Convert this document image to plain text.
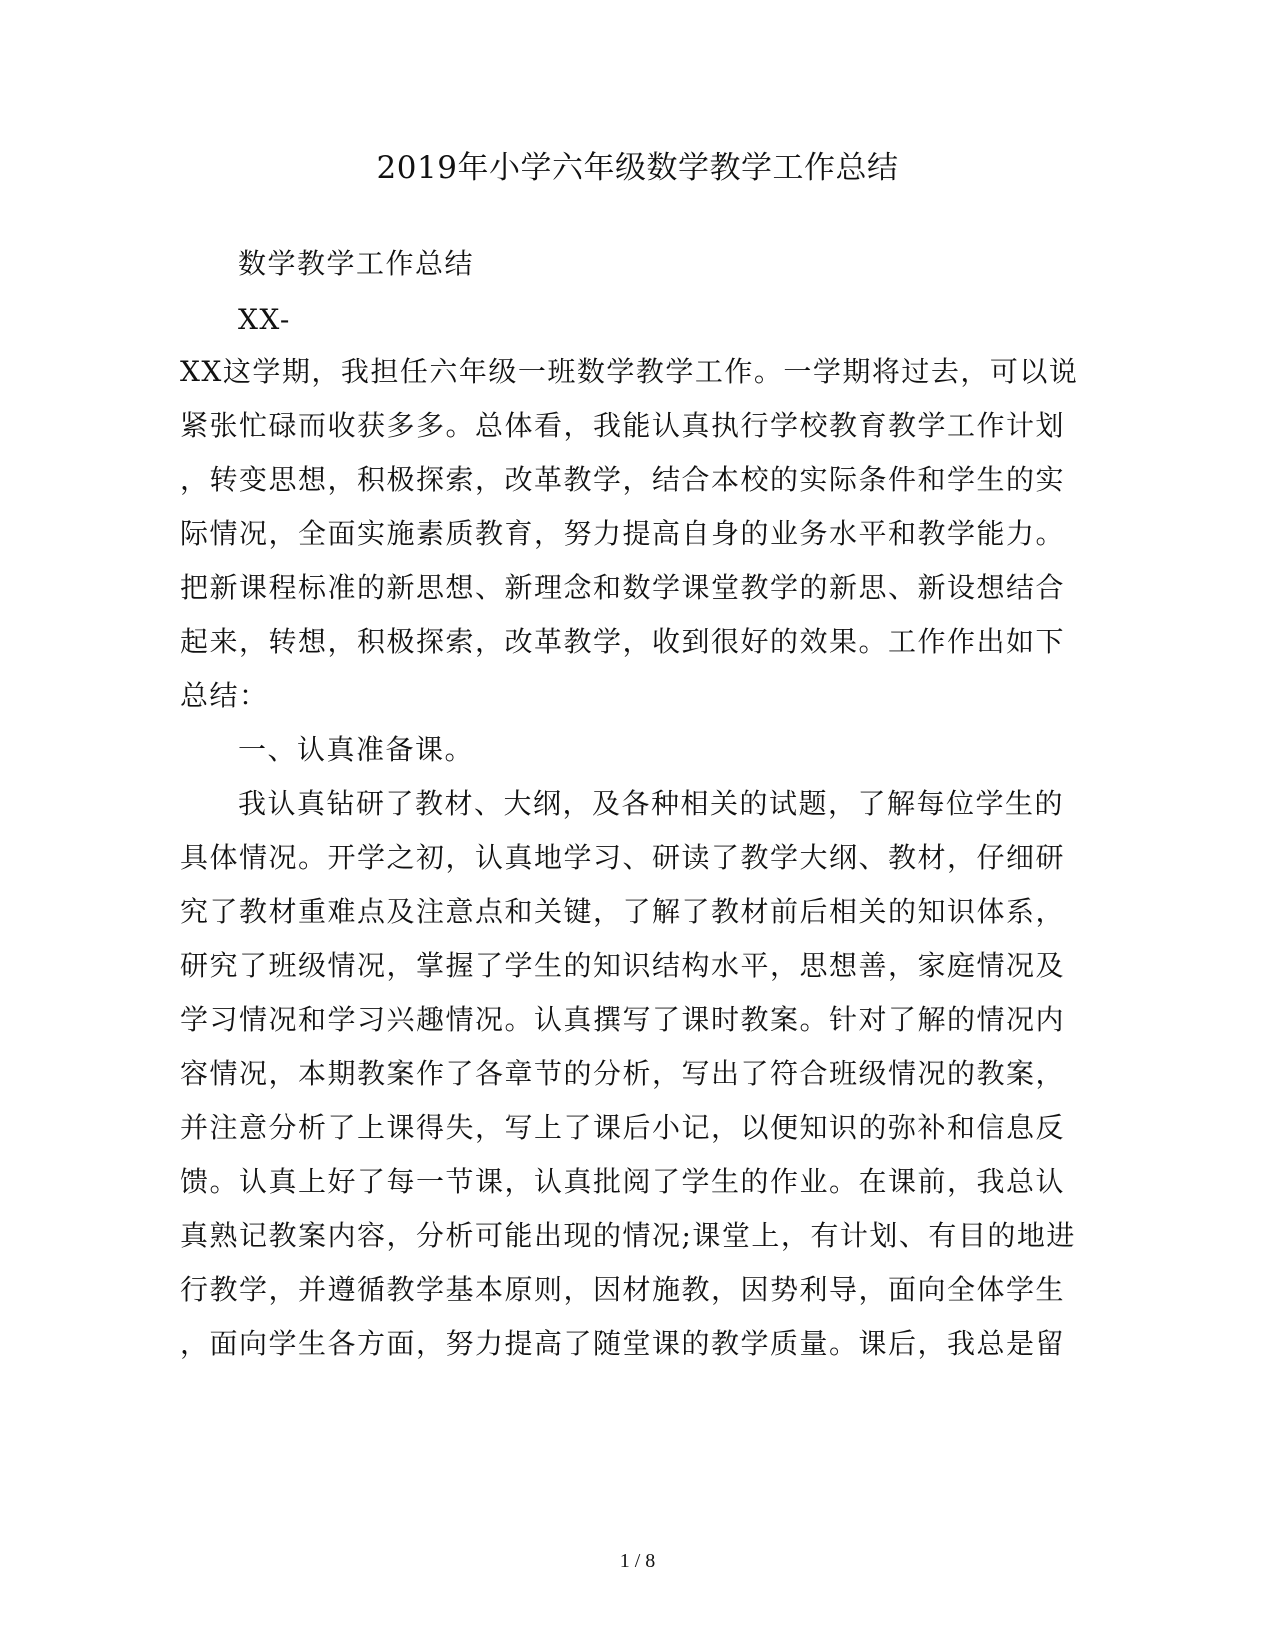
2019年小学六年级数学教学工作总结
数学教学工作总结
XX-
XX这学期，我担任六年级一班数学教学工作。一学期将过去，可以说
紧张忙碌而收获多多。总体看，我能认真执行学校教育教学工作计划
，转变思想，积极探索，改革教学，结合本校的实际条件和学生的实
际情况，全面实施素质教育，努力提高自身的业务水平和教学能力。
把新课程标准的新思想、新理念和数学课堂教学的新思、新设想结合
起来，转想，积极探索，改革教学，收到很好的效果。工作作出如下
总结：
一、认真准备课。
我认真钻研了教材、大纲，及各种相关的试题，了解每位学生的
具体情况。开学之初，认真地学习、研读了教学大纲、教材，仔细研
究了教材重难点及注意点和关键，了解了教材前后相关的知识体系，
研究了班级情况，掌握了学生的知识结构水平，思想善，家庭情况及
学习情况和学习兴趣情况。认真撰写了课时教案。针对了解的情况内
容情况，本期教案作了各章节的分析，写出了符合班级情况的教案，
并注意分析了上课得失，写上了课后小记，以便知识的弥补和信息反
馈。认真上好了每一节课，认真批阅了学生的作业。在课前，我总认
真熟记教案内容，分析可能出现的情况;课堂上，有计划、有目的地进
行教学，并遵循教学基本原则，因材施教，因势利导，面向全体学生
，面向学生各方面，努力提高了随堂课的教学质量。课后，我总是留
1 / 8
